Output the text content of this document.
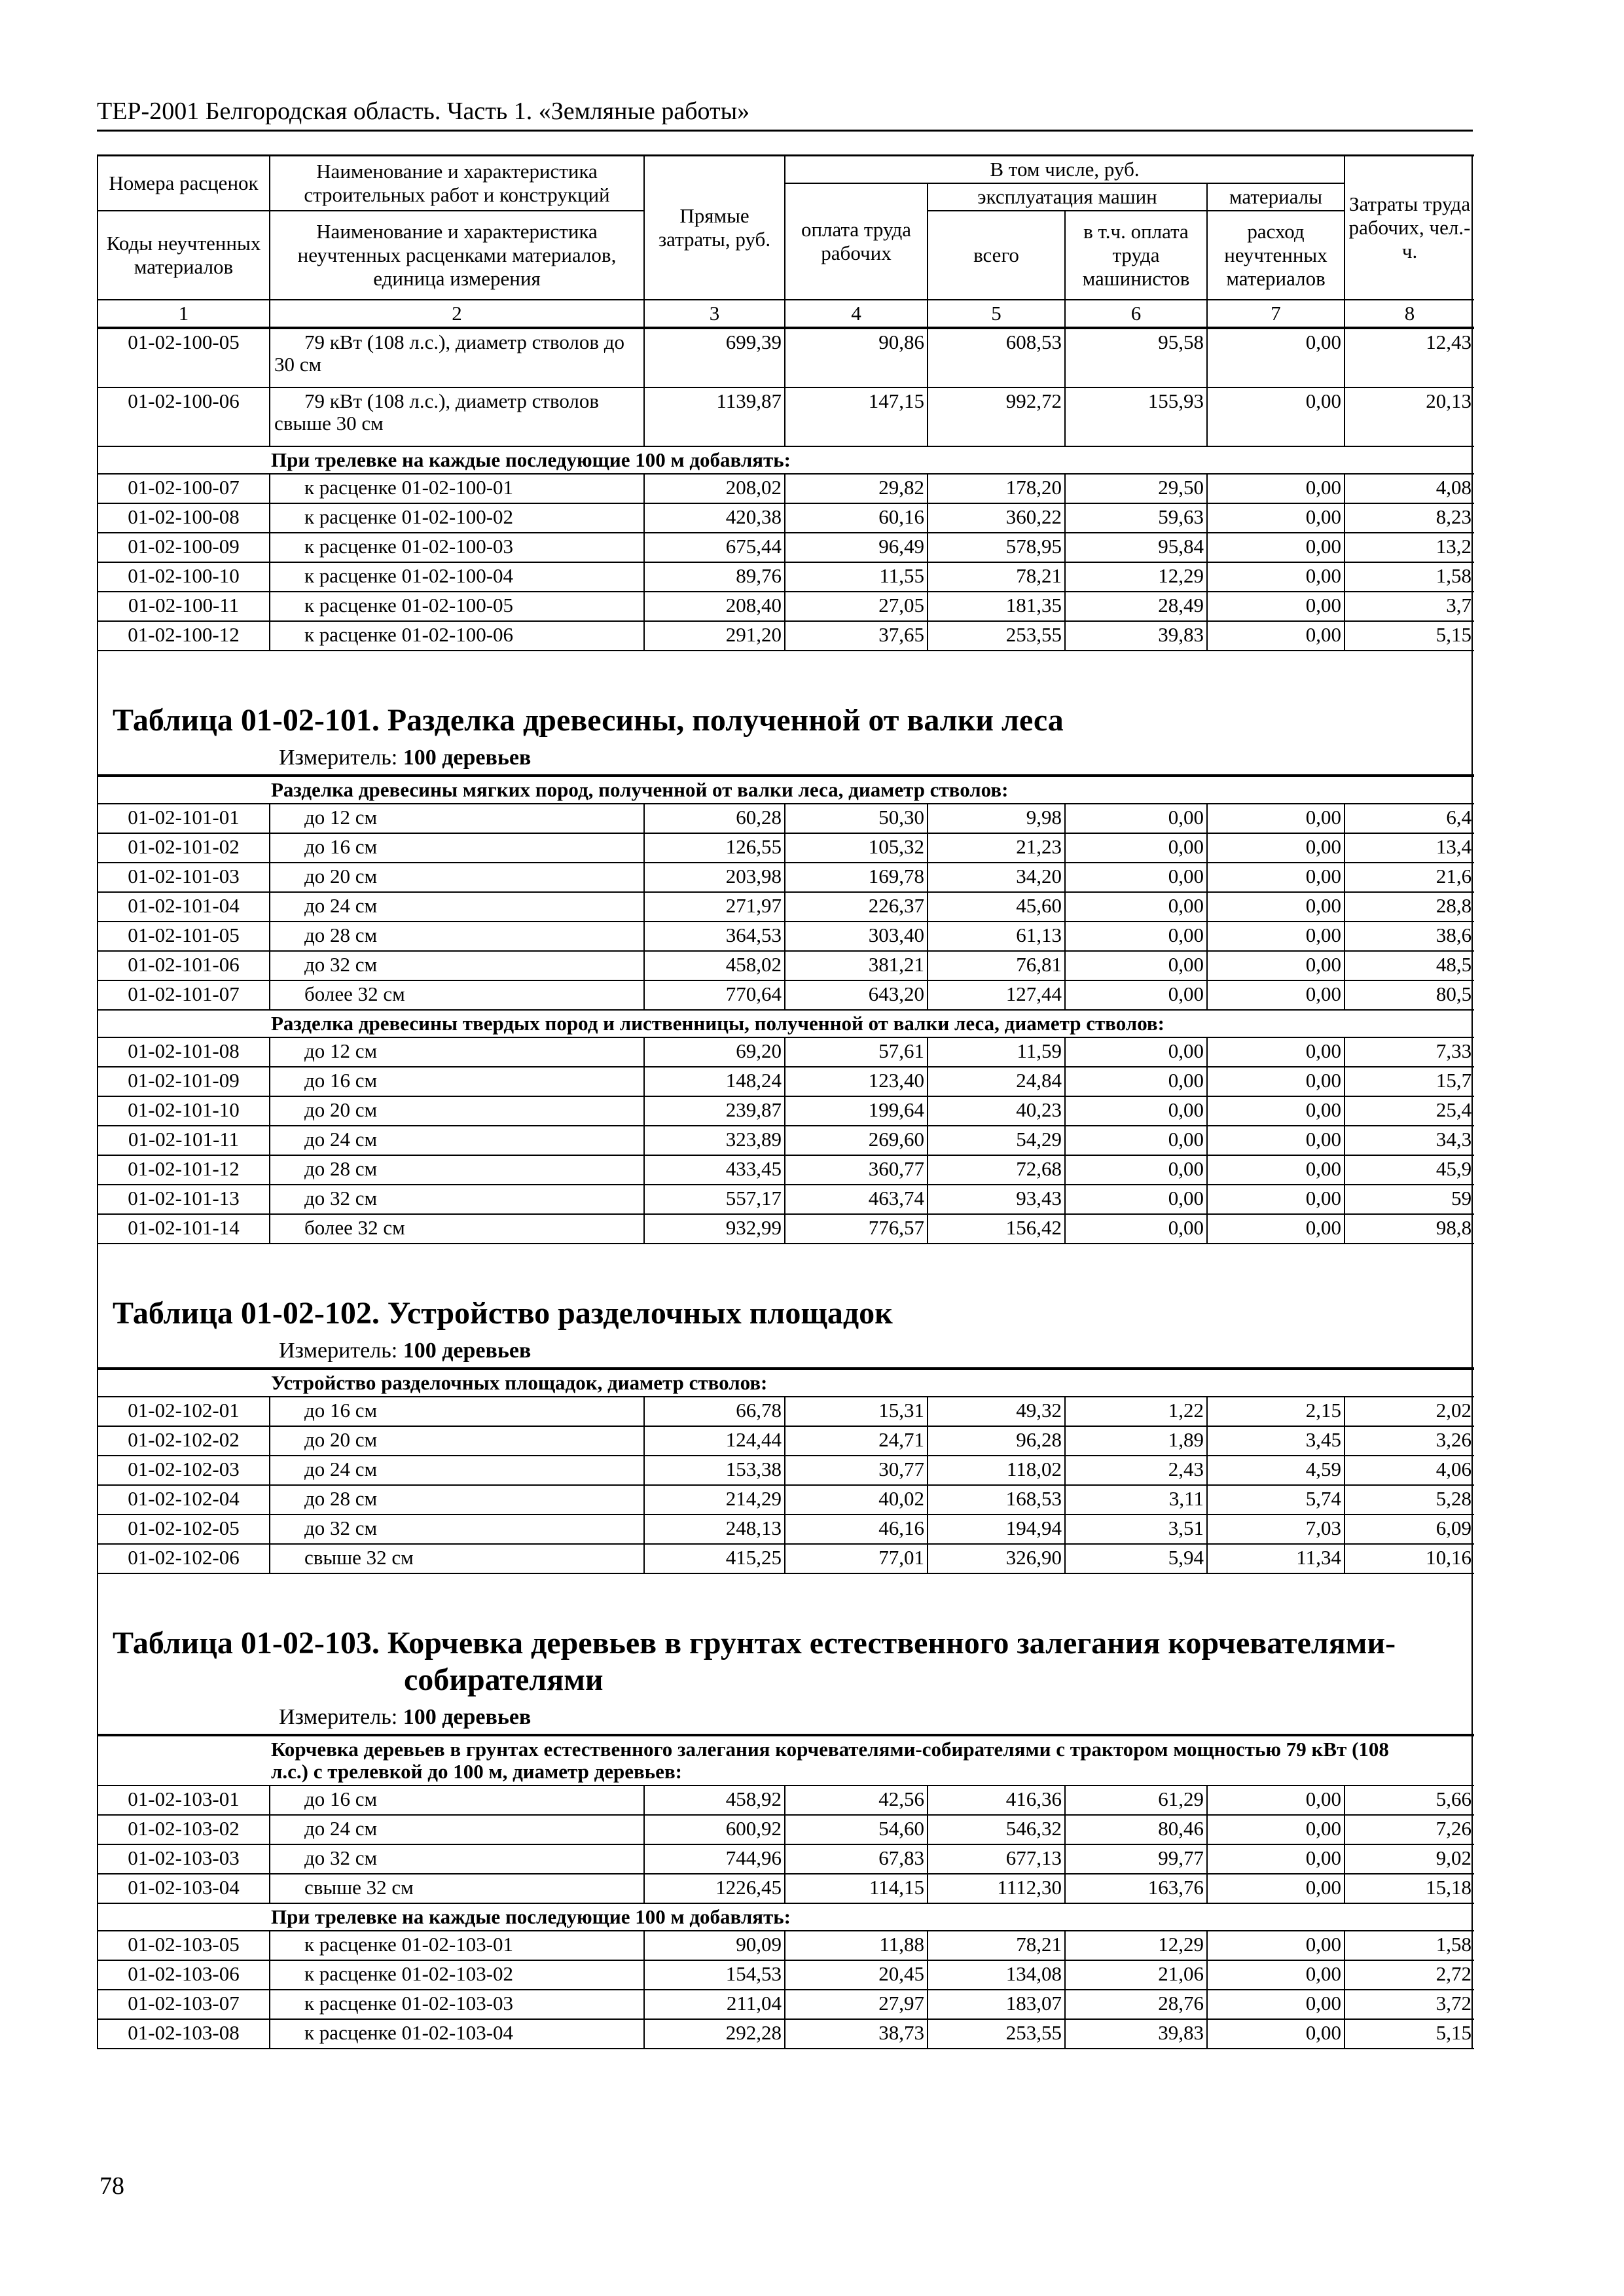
ТЕР-2001 Белгородская область. Часть 1. «Земляные работы»
Номера расценок	Наименование и характеристика строительных работ и конструкций	Прямые затраты, руб.	В том числе, руб.				Затраты труда рабочих, чел.-ч.
			оплата труда рабочих	эксплуатация машин		материалы	
Коды неучтенных материалов	Наименование и характеристика неучтенных расценками материалов, единица измерения			всего	в т.ч. оплата труда машинистов	расход неучтенных материалов	

1	2	3	4	5	6	7	8
01-02-100-05	79 кВт (108 л.с.), диаметр стволов до 30 см	699,39	90,86	608,53	95,58	0,00	12,43
01-02-100-06	79 кВт (108 л.с.), диаметр стволов свыше 30 см	1139,87	147,15	992,72	155,93	0,00	20,13
При трелевке на каждые последующие 100 м добавлять:							
01-02-100-07	к расценке 01-02-100-01	208,02	29,82	178,20	29,50	0,00	4,08
01-02-100-08	к расценке 01-02-100-02	420,38	60,16	360,22	59,63	0,00	8,23
01-02-100-09	к расценке 01-02-100-03	675,44	96,49	578,95	95,84	0,00	13,2
01-02-100-10	к расценке 01-02-100-04	89,76	11,55	78,21	12,29	0,00	1,58
01-02-100-11	к расценке 01-02-100-05	208,40	27,05	181,35	28,49	0,00	3,7
01-02-100-12	к расценке 01-02-100-06	291,20	37,65	253,55	39,83	0,00	5,15
Таблица 01-02-101. Разделка древесины, полученной от валки леса
Измеритель: 100 деревьев
Разделка древесины мягких пород, полученной от валки леса, диаметр стволов:							
01-02-101-01	до 12 см	60,28	50,30	9,98	0,00	0,00	6,4
01-02-101-02	до 16 см	126,55	105,32	21,23	0,00	0,00	13,4
01-02-101-03	до 20 см	203,98	169,78	34,20	0,00	0,00	21,6
01-02-101-04	до 24 см	271,97	226,37	45,60	0,00	0,00	28,8
01-02-101-05	до 28 см	364,53	303,40	61,13	0,00	0,00	38,6
01-02-101-06	до 32 см	458,02	381,21	76,81	0,00	0,00	48,5
01-02-101-07	более 32 см	770,64	643,20	127,44	0,00	0,00	80,5
Разделка древесины твердых пород и лиственницы, полученной от валки леса, диаметр стволов:							
01-02-101-08	до 12 см	69,20	57,61	11,59	0,00	0,00	7,33
01-02-101-09	до 16 см	148,24	123,40	24,84	0,00	0,00	15,7
01-02-101-10	до 20 см	239,87	199,64	40,23	0,00	0,00	25,4
01-02-101-11	до 24 см	323,89	269,60	54,29	0,00	0,00	34,3
01-02-101-12	до 28 см	433,45	360,77	72,68	0,00	0,00	45,9
01-02-101-13	до 32 см	557,17	463,74	93,43	0,00	0,00	59
01-02-101-14	более 32 см	932,99	776,57	156,42	0,00	0,00	98,8
Таблица 01-02-102. Устройство разделочных площадок
Измеритель: 100 деревьев
Устройство разделочных площадок, диаметр стволов:							
01-02-102-01	до 16 см	66,78	15,31	49,32	1,22	2,15	2,02
01-02-102-02	до 20 см	124,44	24,71	96,28	1,89	3,45	3,26
01-02-102-03	до 24 см	153,38	30,77	118,02	2,43	4,59	4,06
01-02-102-04	до 28 см	214,29	40,02	168,53	3,11	5,74	5,28
01-02-102-05	до 32 см	248,13	46,16	194,94	3,51	7,03	6,09
01-02-102-06	свыше 32 см	415,25	77,01	326,90	5,94	11,34	10,16
Таблица 01-02-103. Корчевка деревьев в грунтах естественного залегания корчевателями-
собирателями
Измеритель: 100 деревьев
Корчевка деревьев в грунтах естественного залегания корчевателями-собирателями с трактором мощностью 79 кВт (108 л.с.) с трелевкой до 100 м, диаметр деревьев:							
01-02-103-01	до 16 см	458,92	42,56	416,36	61,29	0,00	5,66
01-02-103-02	до 24 см	600,92	54,60	546,32	80,46	0,00	7,26
01-02-103-03	до 32 см	744,96	67,83	677,13	99,77	0,00	9,02
01-02-103-04	свыше 32 см	1226,45	114,15	1112,30	163,76	0,00	15,18
При трелевке на каждые последующие 100 м добавлять:							
01-02-103-05	к расценке 01-02-103-01	90,09	11,88	78,21	12,29	0,00	1,58
01-02-103-06	к расценке 01-02-103-02	154,53	20,45	134,08	21,06	0,00	2,72
01-02-103-07	к расценке 01-02-103-03	211,04	27,97	183,07	28,76	0,00	3,72
01-02-103-08	к расценке 01-02-103-04	292,28	38,73	253,55	39,83	0,00	5,15
78
